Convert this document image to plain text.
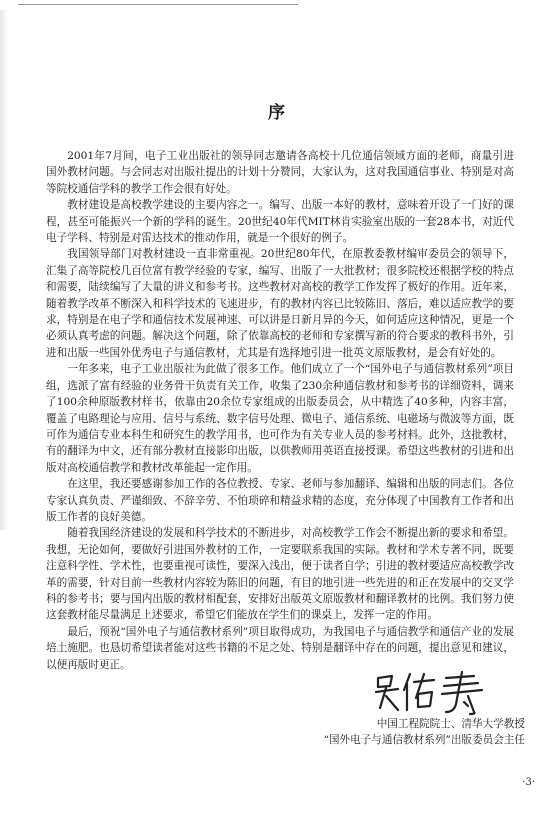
序

2001年7月间，电子工业出版社的领导同志邀请各高校十几位通信领域方面的老师，商量引进国外教材问题。与会同志对出版社提出的计划十分赞同，大家认为，这对我国通信事业、特别是对高等院校通信学科的教学工作会很有好处。

教材建设是高校教学建设的主要内容之一。编写、出版一本好的教材，意味着开设了一门好的课程，甚至可能振兴一个新的学科的诞生。20世纪40年代MIT林肯实验室出版的一套28本书，对近代电子学科、特别是对雷达技术的推动作用，就是一个很好的例子。

我国领导部门对教材建设一直非常重视。20世纪80年代，在原教委教材编审委员会的领导下，汇集了高等院校几百位富有教学经验的专家，编写、出版了一大批教材；很多院校还根据学校的特点和需要，陆续编写了大量的讲义和参考书。这些教材对高校的教学工作发挥了极好的作用。近年来，随着教学改革不断深入和科学技术的飞速进步，有的教材内容已比较陈旧、落后，难以适应教学的要求，特别是在电子学和通信技术发展神速、可以讲是日新月异的今天，如何适应这种情况，更是一个必须认真考虑的问题。解决这个问题，除了依靠高校的老师和专家撰写新的符合要求的教科书外，引进和出版一些国外优秀电子与通信教材，尤其是有选择地引进一批英文原版教材，是会有好处的。

一年多来，电子工业出版社为此做了很多工作。他们成立了一个“国外电子与通信教材系列”项目组，选派了富有经验的业务骨干负责有关工作，收集了230余种通信教材和参考书的详细资料，调来了100余种原版教材样书，依靠由20余位专家组成的出版委员会，从中精选了40多种，内容丰富，覆盖了电路理论与应用、信号与系统、数字信号处理、微电子、通信系统、电磁场与微波等方面，既可作为通信专业本科生和研究生的教学用书，也可作为有关专业人员的参考材料。此外，这批教材，有的翻译为中文，还有部分教材直接影印出版，以供教师用英语直接授课。希望这些教材的引进和出版对高校通信教学和教材改革能起一定作用。

在这里，我还要感谢参加工作的各位教授、专家、老师与参加翻译、编辑和出版的同志们。各位专家认真负责、严谨细致、不辞辛劳、不怕琐碎和精益求精的态度，充分体现了中国教育工作者和出版工作者的良好美德。

随着我国经济建设的发展和科学技术的不断进步，对高校教学工作会不断提出新的要求和希望。我想，无论如何，要做好引进国外教材的工作，一定要联系我国的实际。教材和学术专著不同，既要注意科学性、学术性，也要重视可读性，要深入浅出，便于读者自学；引进的教材要适应高校教学改革的需要，针对目前一些教材内容较为陈旧的问题，有目的地引进一些先进的和正在发展中的交叉学科的参考书；要与国内出版的教材相配套，安排好出版英文原版教材和翻译教材的比例。我们努力使这套教材能尽量满足上述要求，希望它们能放在学生们的课桌上，发挥一定的作用。

最后，预祝“国外电子与通信教材系列”项目取得成功，为我国电子与通信教学和通信产业的发展培土施肥。也恳切希望读者能对这些书籍的不足之处、特别是翻译中存在的问题，提出意见和建议，以便再版时更正。

中国工程院院士、清华大学教授
“国外电子与通信教材系列”出版委员会主任
·3·
